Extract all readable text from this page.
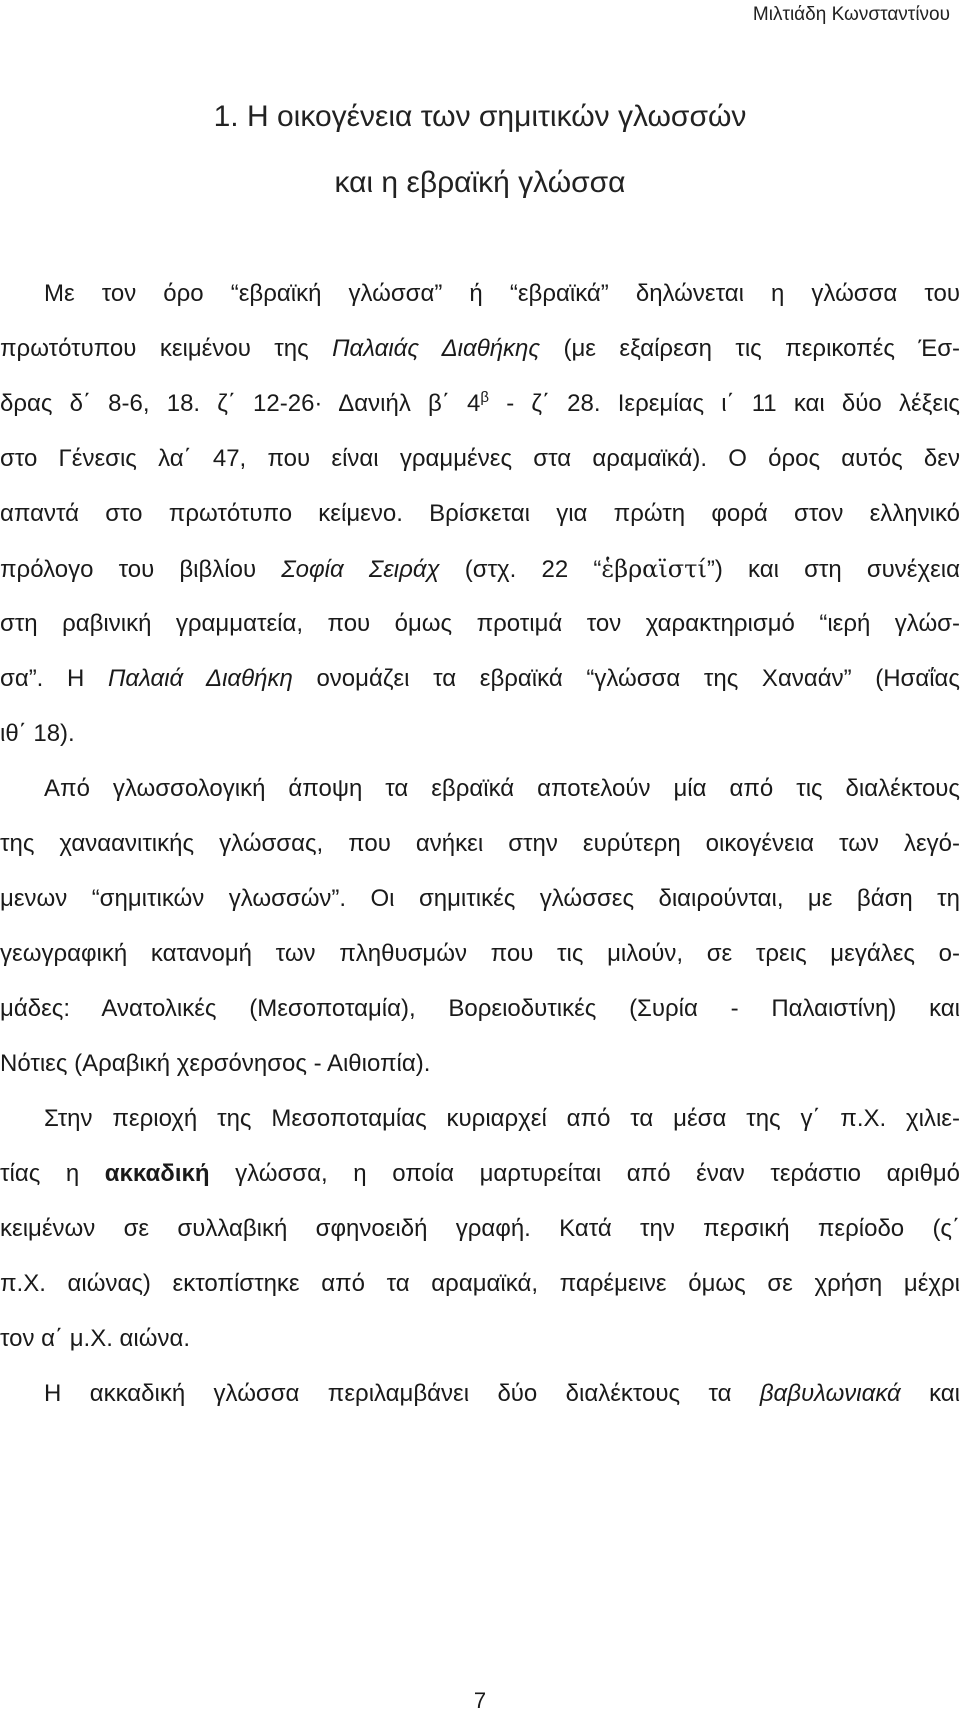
Μιλτιάδη Κωνσταντίνου
1. Η οικογένεια των σημιτικών γλωσσών
και η εβραϊκή γλώσσα
Με τον όρο “εβραϊκή γλώσσα” ή “εβραϊκά” δηλώνεται η γλώσσα του
πρωτότυπου κειμένου της Παλαιάς Διαθήκης (με εξαίρεση τις περικοπές Έσ-
δρας δ΄ 8-6, 18. ζ΄ 12-26· Δανιήλ β΄ $4^\beta - \zeta΄$ 28. Ιερεμίας ι΄ 11 και δύο λέξεις
στο Γένεσις λα΄ 47, που είναι γραμμένες στα αραμαϊκά). Ο όρος αυτός δεν
απαντά στο πρωτότυπο κείμενο. Βρίσκεται για πρώτη φορά στον ελληνικό
πρόλογο του βιβλίου Σοφία Σειράχ (στχ. 22 “ἑβραϊστί”) και στη συνέχεια
στη ραβινική γραμματεία, που όμως προτιμά τον χαρακτηρισμό “ιερή γλώσ-
σα”. Η Παλαιά Διαθήκη ονομάζει τα εβραϊκά “γλώσσα της Χαναάν” (Ησαΐας
ιθ΄ 18).
Από γλωσσολογική άποψη τα εβραϊκά αποτελούν μία από τις διαλέκτους
της χαναανιτικής γλώσσας, που ανήκει στην ευρύτερη οικογένεια των λεγό-
μενων “σημιτικών γλωσσών”. Οι σημιτικές γλώσσες διαιρούνται, με βάση τη
γεωγραφική κατανομή των πληθυσμών που τις μιλούν, σε τρεις μεγάλες ο-
μάδες: Ανατολικές (Μεσοποταμία), Βορειοδυτικές (Συρία - Παλαιστίνη) και
Νότιες (Αραβική χερσόνησος - Αιθιοπία).
Στην περιοχή της Μεσοποταμίας κυριαρχεί από τα μέσα της γ΄ π.Χ. χιλιε-
τίας η ακκαδική γλώσσα, η οποία μαρτυρείται από έναν τεράστιο αριθμό
κειμένων σε συλλαβική σφηνοειδή γραφή. Κατά την περσική περίοδο (ς΄
π.Χ. αιώνας) εκτοπίστηκε από τα αραμαϊκά, παρέμεινε όμως σε χρήση μέχρι
τον α΄ μ.Χ. αιώνα.
Η ακκαδική γλώσσα περιλαμβάνει δύο διαλέκτους τα βαβυλωνιακά και
7
